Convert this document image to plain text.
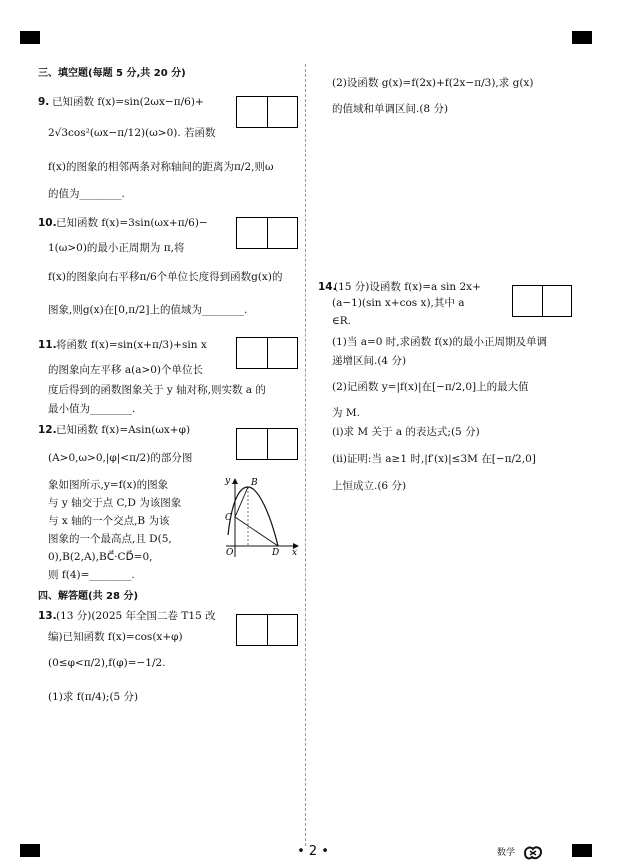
三、填空题(每题 5 分,共 20 分)
9. 已知函数 f(x)=sin(2ωx−π/6)+
2√3cos²(ωx−π/12)(ω>0). 若函数
f(x)的图象的相邻两条对称轴间的距离为π/2,则ω
的值为________.
10. 已知函数 f(x)=3sin(ωx+π/6)−
1(ω>0)的最小正周期为 π,将
f(x)的图象向右平移π/6个单位长度得到函数g(x)的
图象,则g(x)在[0,π/2]上的值域为________.
11. 将函数 f(x)=sin(x+π/3)+sin x
的图象向左平移 a(a>0)个单位长
度后得到的函数图象关于 y 轴对称,则实数 a 的
最小值为________.
12. 已知函数 f(x)=Asin(ωx+φ)
(A>0,ω>0,|φ|<π/2)的部分图
象如图所示,y=f(x)的图象
与 y 轴交于点 C,D 为该图象
与 x 轴的一个交点,B 为该
图象的一个最高点,且 D(5,
0),B(2,A),BC⃗·CD⃗=0,
则 f(4)=________.
y B
C
O	D x
四、解答题(共 28 分)
13. (13 分)(2025 年全国二卷 T15 改
编)已知函数 f(x)=cos(x+φ)
(0≤φ<π/2),f(φ)=−1/2.
(1)求 f(π/4);(5 分)
(2)设函数 g(x)=f(2x)+f(2x−π/3),求 g(x)
的值域和单调区间.(8 分)
14.
(15 分)设函数 f(x)=a sin 2x+
(a−1)(sin x+cos x),其中 a
∈R.
(1)当 a=0 时,求函数 f(x)的最小正周期及单调
递增区间.(4 分)
(2)记函数 y=|f(x)|在[−π/2,0]上的最大值
为 M.
(ⅰ)求 M 关于 a 的表达式;(5 分)
(ⅱ)证明:当 a≥1 时,|f′(x)|≤3M 在[−π/2,0]
上恒成立.(6 分)
• 2 •	数学
